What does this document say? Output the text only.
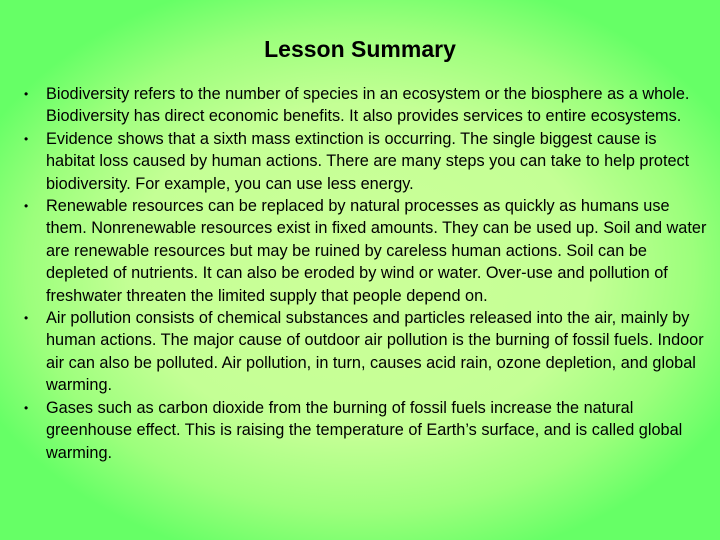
Lesson Summary
• Biodiversity refers to the number of species in an ecosystem or the biosphere as a whole. Biodiversity has direct economic benefits. It also provides services to entire ecosystems.
• Evidence shows that a sixth mass extinction is occurring. The single biggest cause is habitat loss caused by human actions. There are many steps you can take to help protect biodiversity. For example, you can use less energy.
• Renewable resources can be replaced by natural processes as quickly as humans use them. Nonrenewable resources exist in fixed amounts. They can be used up. Soil and water are renewable resources but may be ruined by careless human actions. Soil can be depleted of nutrients. It can also be eroded by wind or water. Over-use and pollution of freshwater threaten the limited supply that people depend on.
• Air pollution consists of chemical substances and particles released into the air, mainly by human actions. The major cause of outdoor air pollution is the burning of fossil fuels. Indoor air can also be polluted. Air pollution, in turn, causes acid rain, ozone depletion, and global warming.
• Gases such as carbon dioxide from the burning of fossil fuels increase the natural greenhouse effect. This is raising the temperature of Earth’s surface, and is called global warming.
